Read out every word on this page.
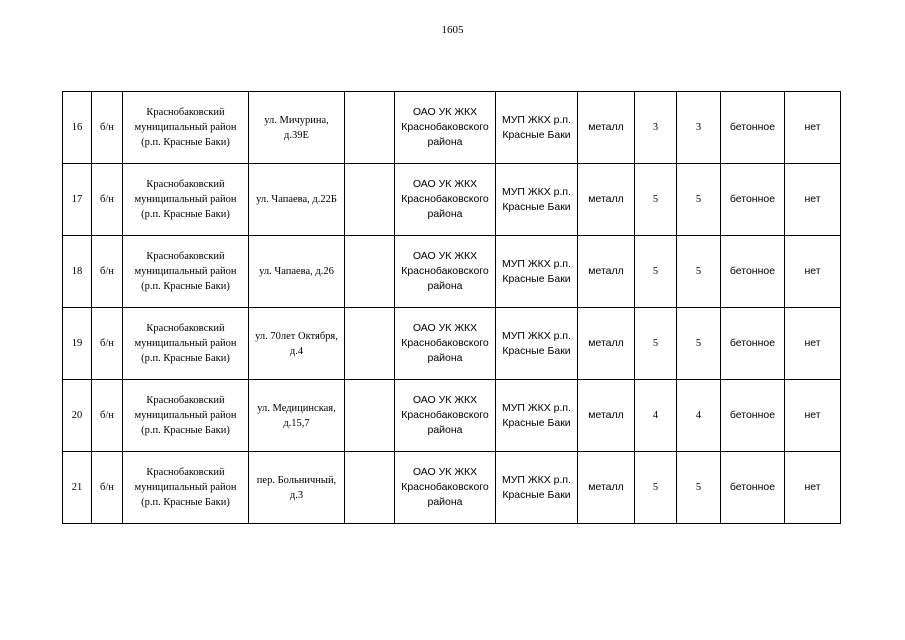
1605
16	б/н	Краснобаковский муниципальный район (р.п. Красные Баки)	ул. Мичурина, д.39Е		ОАО УК ЖКХ Краснобаковского района	МУП ЖКХ р.п. Красные Баки	металл	3	3	бетонное	нет
17	б/н	Краснобаковский муниципальный район (р.п. Красные Баки)	ул. Чапаева, д.22Б		ОАО УК ЖКХ Краснобаковского района	МУП ЖКХ р.п. Красные Баки	металл	5	5	бетонное	нет
18	б/н	Краснобаковский муниципальный район (р.п. Красные Баки)	ул. Чапаева, д.26		ОАО УК ЖКХ Краснобаковского района	МУП ЖКХ р.п. Красные Баки	металл	5	5	бетонное	нет
19	б/н	Краснобаковский муниципальный район (р.п. Красные Баки)	ул. 70лет Октября, д.4		ОАО УК ЖКХ Краснобаковского района	МУП ЖКХ р.п. Красные Баки	металл	5	5	бетонное	нет
20	б/н	Краснобаковский муниципальный район (р.п. Красные Баки)	ул. Медицинская, д.15,7		ОАО УК ЖКХ Краснобаковского района	МУП ЖКХ р.п. Красные Баки	металл	4	4	бетонное	нет
21	б/н	Краснобаковский муниципальный район (р.п. Красные Баки)	пер. Больничный, д.3		ОАО УК ЖКХ Краснобаковского района	МУП ЖКХ р.п. Красные Баки	металл	5	5	бетонное	нет
